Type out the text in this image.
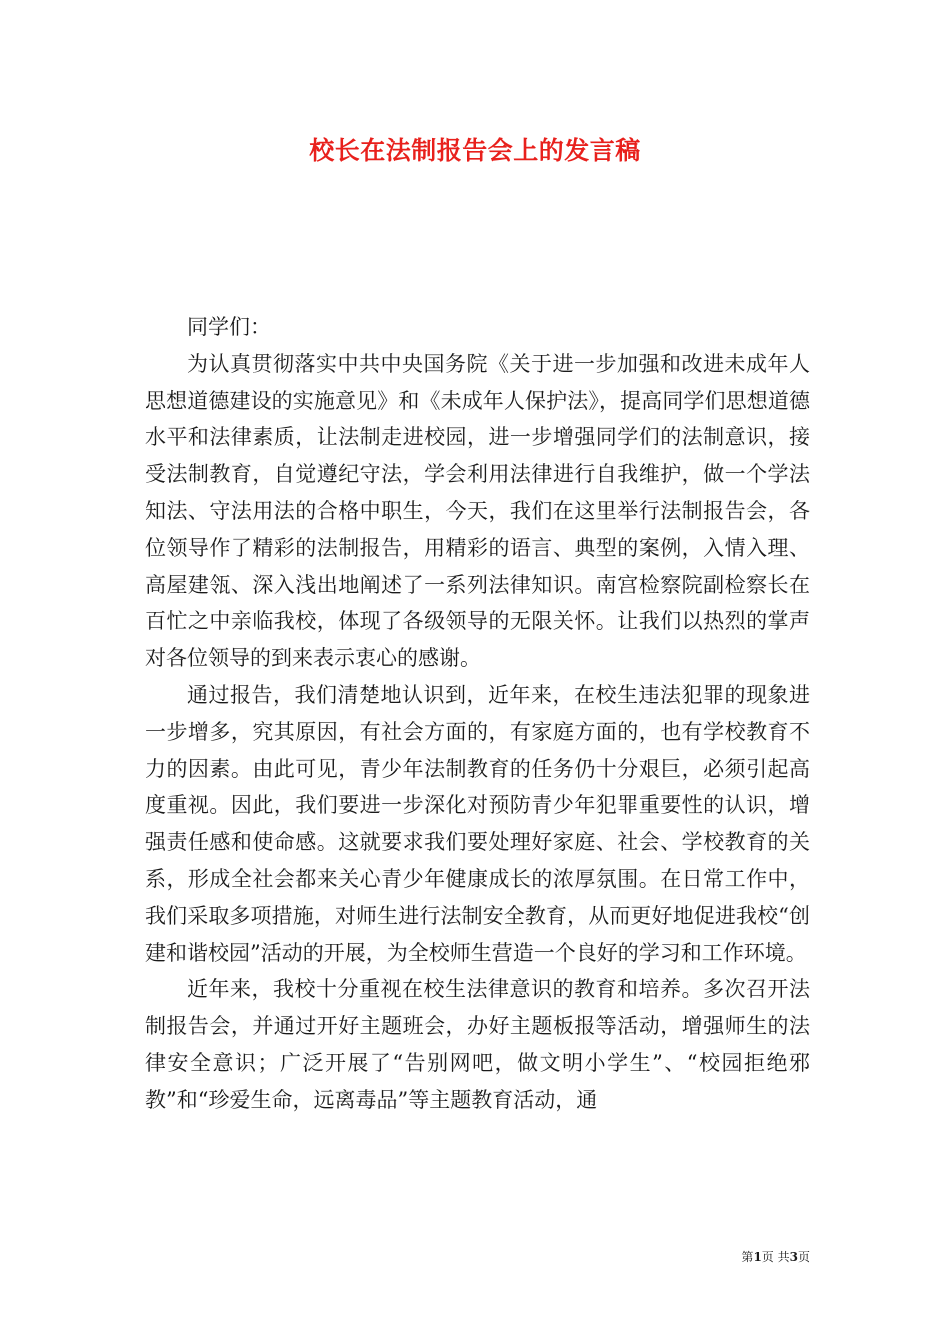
校长在法制报告会上的发言稿

同学们：

为认真贯彻落实中共中央国务院《关于进一步加强和改进未成年人思想道德建设的实施意见》和《未成年人保护法》，提高同学们思想道德水平和法律素质，让法制走进校园，进一步增强同学们的法制意识，接受法制教育，自觉遵纪守法，学会利用法律进行自我维护，做一个学法知法、守法用法的合格中职生，今天，我们在这里举行法制报告会，各位领导作了精彩的法制报告，用精彩的语言、典型的案例，入情入理、高屋建瓴、深入浅出地阐述了一系列法律知识。南宫检察院副检察长在百忙之中亲临我校，体现了各级领导的无限关怀。让我们以热烈的掌声对各位领导的到来表示衷心的感谢。

通过报告，我们清楚地认识到，近年来，在校生违法犯罪的现象进一步增多，究其原因，有社会方面的，有家庭方面的，也有学校教育不力的因素。由此可见，青少年法制教育的任务仍十分艰巨，必须引起高度重视。因此，我们要进一步深化对预防青少年犯罪重要性的认识，增强责任感和使命感。这就要求我们要处理好家庭、社会、学校教育的关系，形成全社会都来关心青少年健康成长的浓厚氛围。在日常工作中，我们采取多项措施，对师生进行法制安全教育，从而更好地促进我校“创建和谐校园”活动的开展，为全校师生营造一个良好的学习和工作环境。

近年来，我校十分重视在校生法律意识的教育和培养。多次召开法制报告会，并通过开好主题班会，办好主题板报等活动，增强师生的法律安全意识；广泛开展了“告别网吧，做文明小学生”、“校园拒绝邪教”和“珍爱生命，远离毒品”等主题教育活动，通

第1页 共3页
